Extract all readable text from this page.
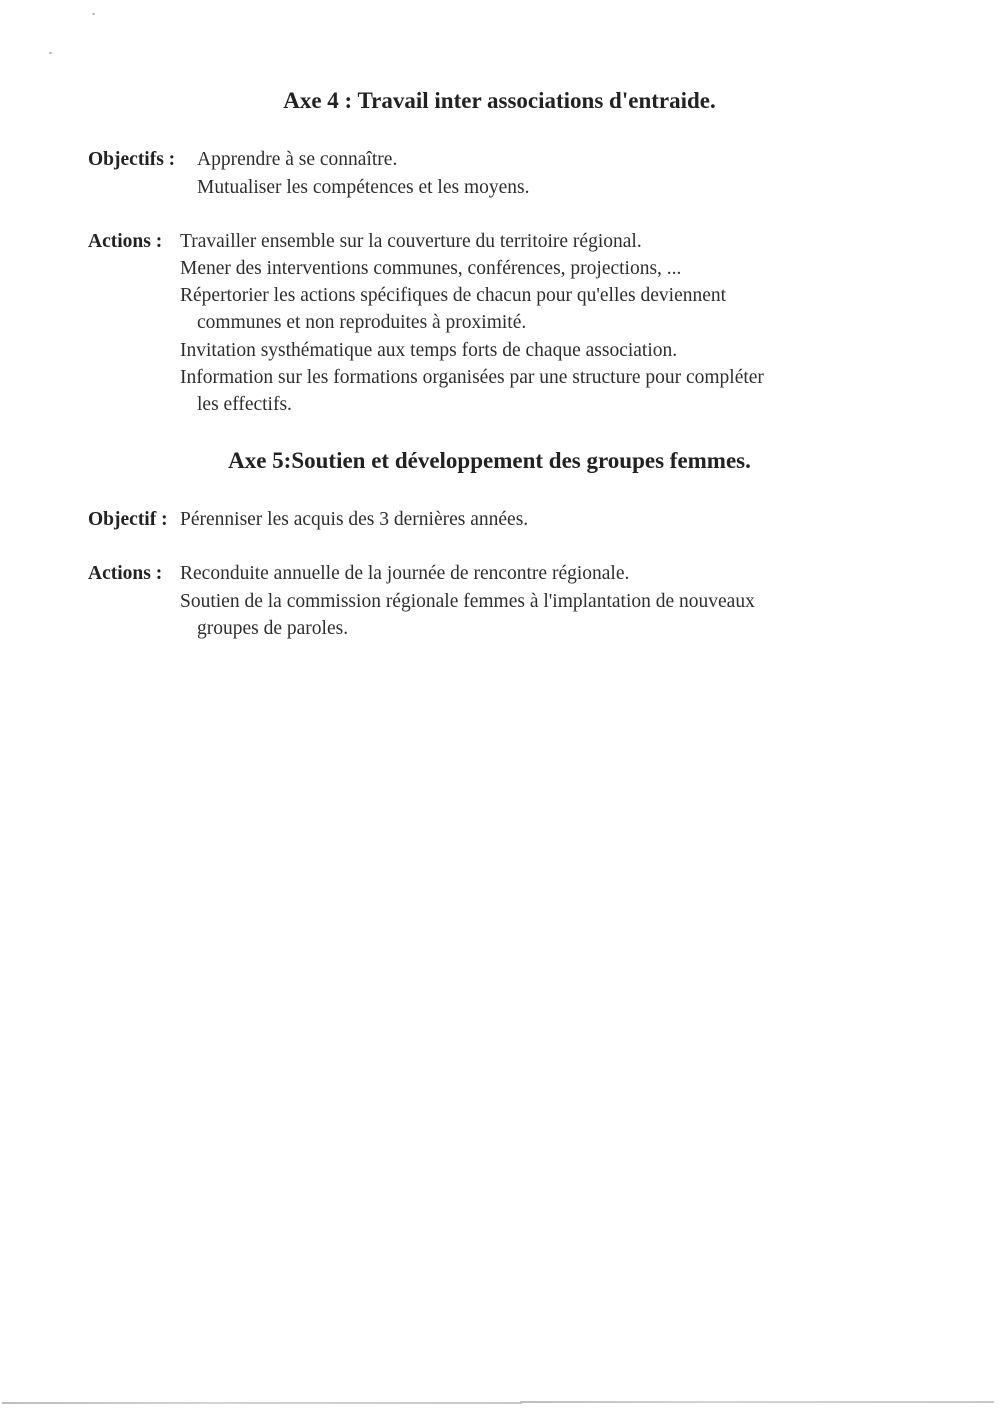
Axe 4 : Travail inter associations d'entraide.
Objectifs : Apprendre à se connaître.
Mutualiser les compétences et les moyens.
Actions : Travailler ensemble sur la couverture du territoire régional.
Mener des interventions communes, conférences, projections, ...
Répertorier les actions spécifiques de chacun pour qu'elles deviennent
communes et non reproduites à proximité.
Invitation systhématique aux temps forts de chaque association.
Information sur les formations organisées par une structure pour compléter
les effectifs.
Axe 5:Soutien et développement des groupes femmes.
Objectif : Pérenniser les acquis des 3 dernières années.
Actions : Reconduite annuelle de la journée de rencontre régionale.
Soutien de la commission régionale femmes à l'implantation de nouveaux
groupes de paroles.
